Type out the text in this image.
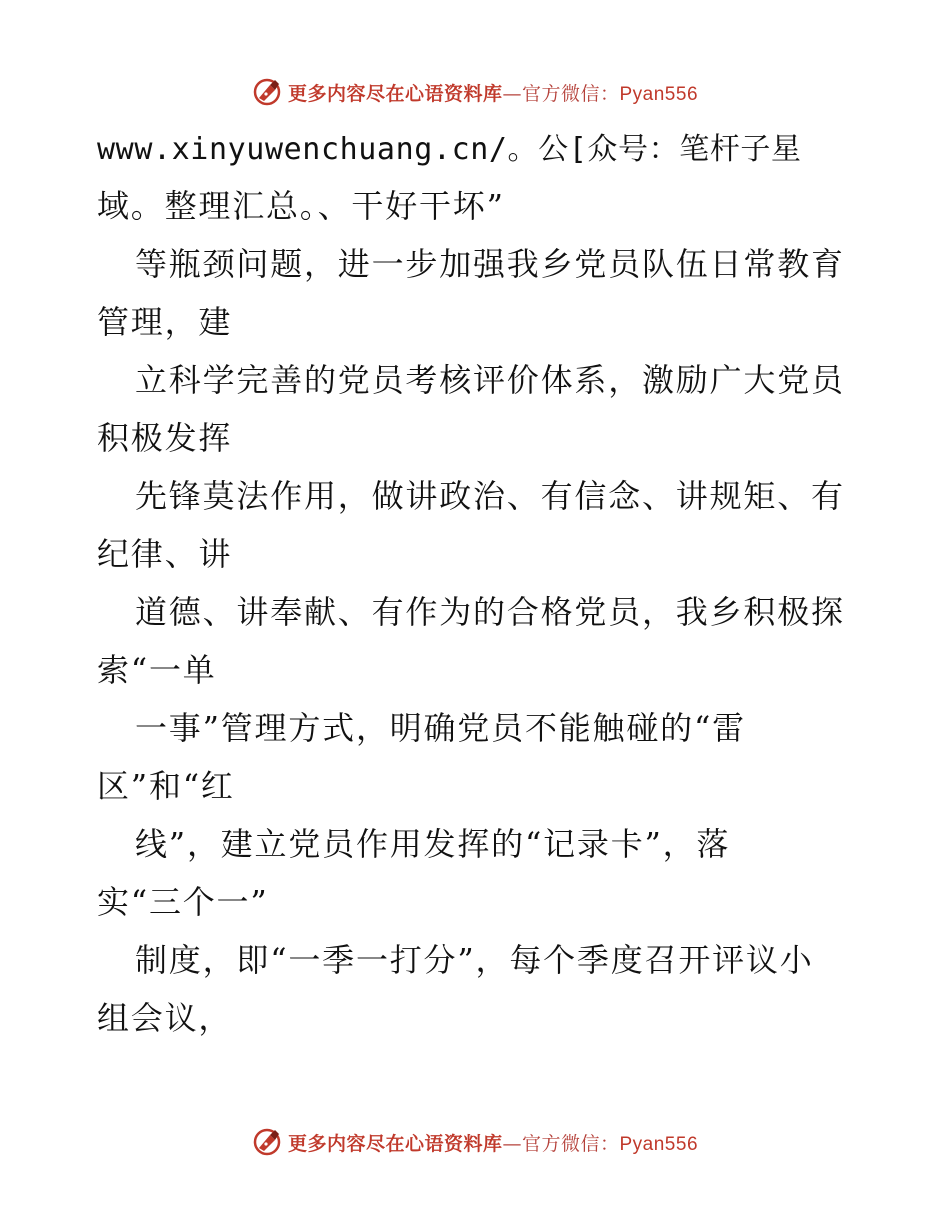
更多内容尽在心语资料库—官方微信：Pyan556
www.xinyuwenchuang.cn/。公[众号：笔杆子星
域。整理汇总。、干好干坏”
等瓶颈问题，进一步加强我乡党员队伍日常教育
管理，建
立科学完善的党员考核评价体系，激励广大党员
积极发挥
先锋莫法作用，做讲政治、有信念、讲规矩、有
纪律、讲
道德、讲奉献、有作为的合格党员，我乡积极探
索“一单
一事”管理方式，明确党员不能触碰的“雷
区”和“红
线”，建立党员作用发挥的“记录卡”，落
实“三个一”
制度，即“一季一打分”，每个季度召开评议小
组会议，
更多内容尽在心语资料库—官方微信：Pyan556
